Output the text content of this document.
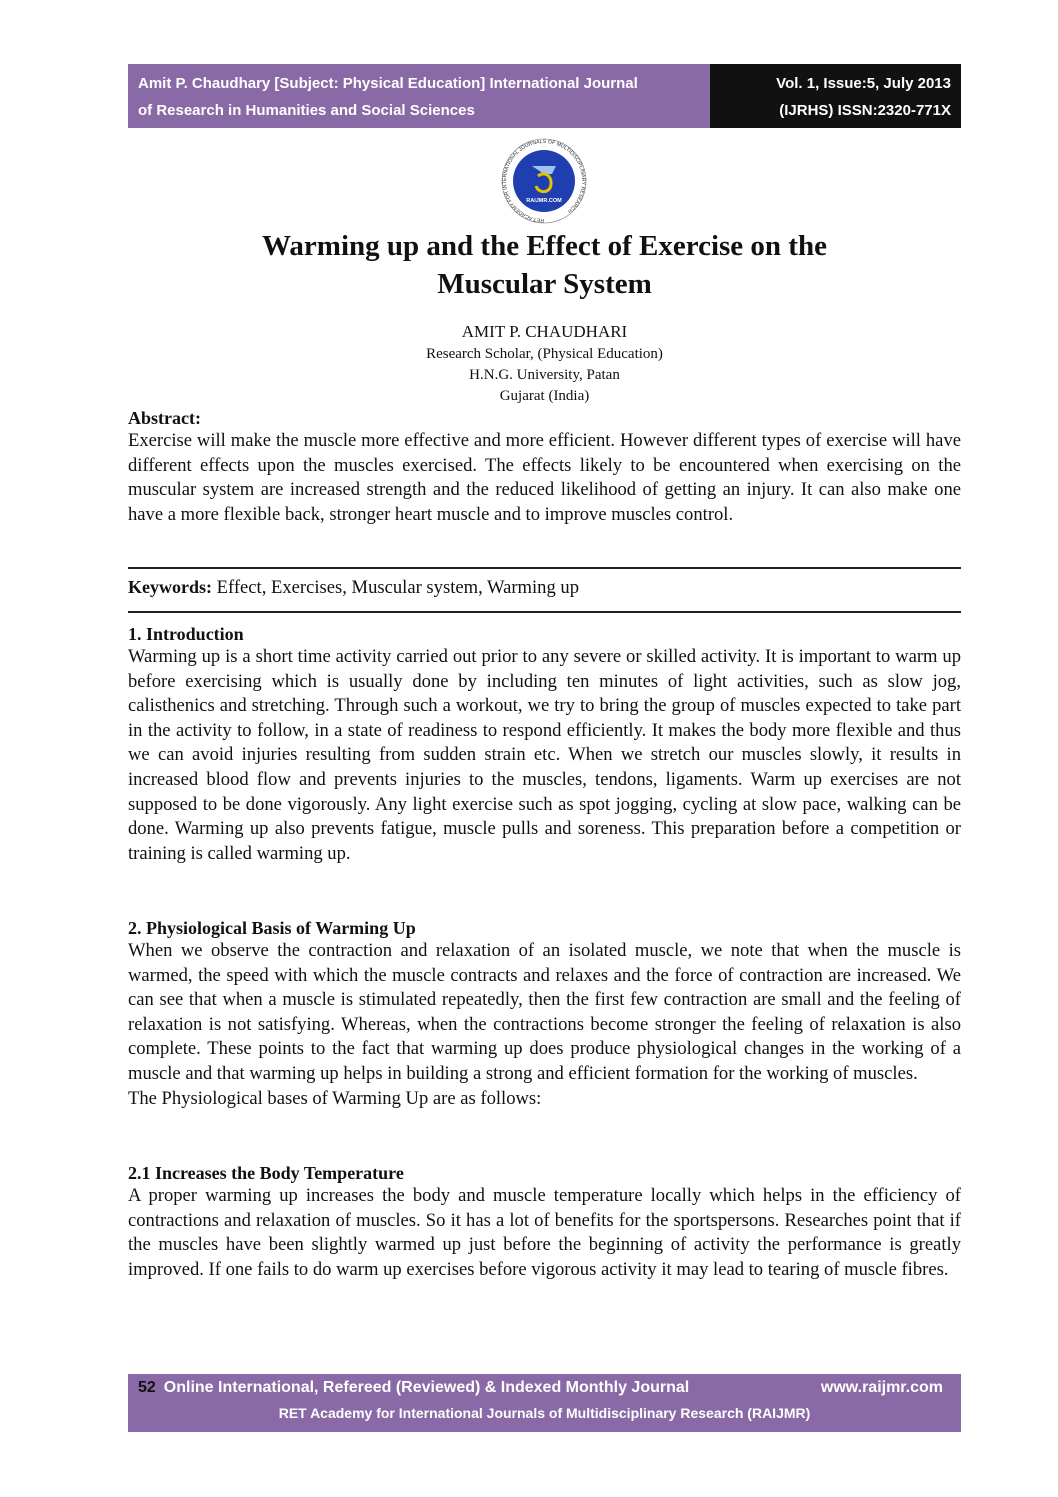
Amit P. Chaudhary [Subject: Physical Education] International Journal
of Research in Humanities and Social Sciences
Vol. 1, Issue:5, July 2013
(IJRHS) ISSN:2320-771X
RET ACADEMY FOR INTERNATIONAL JOURNALS OF MULTIDISCIPLINARY RESEARCH
RAIJMR.COM
Warming up and the Effect of Exercise on the
Muscular System
AMIT P. CHAUDHARI
Research Scholar, (Physical Education)
H.N.G. University, Patan
Gujarat (India)
Abstract:

Exercise will make the muscle more effective and more efficient. However different types of exercise will have different effects upon the muscles exercised. The effects likely to be encountered when exercising on the muscular system are increased strength and the reduced likelihood of getting an injury. It can also make one have a more flexible back, stronger heart muscle and to improve muscles control.

Keywords: Effect, Exercises, Muscular system, Warming up
1. Introduction

Warming up is a short time activity carried out prior to any severe or skilled activity. It is important to warm up before exercising which is usually done by including ten minutes of light activities, such as slow jog, calisthenics and stretching. Through such a workout, we try to bring the group of muscles expected to take part in the activity to follow, in a state of readiness to respond efficiently. It makes the body more flexible and thus we can avoid injuries resulting from sudden strain etc. When we stretch our muscles slowly, it results in increased blood flow and prevents injuries to the muscles, tendons, ligaments. Warm up exercises are not supposed to be done vigorously. Any light exercise such as spot jogging, cycling at slow pace, walking can be done. Warming up also prevents fatigue, muscle pulls and soreness. This preparation before a competition or training is called warming up.

2. Physiological Basis of Warming Up

When we observe the contraction and relaxation of an isolated muscle, we note that when the muscle is warmed, the speed with which the muscle contracts and relaxes and the force of contraction are increased. We can see that when a muscle is stimulated repeatedly, then the first few contraction are small and the feeling of relaxation is not satisfying. Whereas, when the contractions become stronger the feeling of relaxation is also complete. These points to the fact that warming up does produce physiological changes in the working of a muscle and that warming up helps in building a strong and efficient formation for the working of muscles.

The Physiological bases of Warming Up are as follows:

2.1 Increases the Body Temperature

A proper warming up increases the body and muscle temperature locally which helps in the efficiency of contractions and relaxation of muscles. So it has a lot of benefits for the sportspersons. Researches point that if the muscles have been slightly warmed up just before the beginning of activity the performance is greatly improved. If one fails to do warm up exercises before vigorous activity it may lead to tearing of muscle fibres.

52 Online International, Refereed (Reviewed) & Indexed Monthly Journal	www.raijmr.com
RET Academy for International Journals of Multidisciplinary Research (RAIJMR)
